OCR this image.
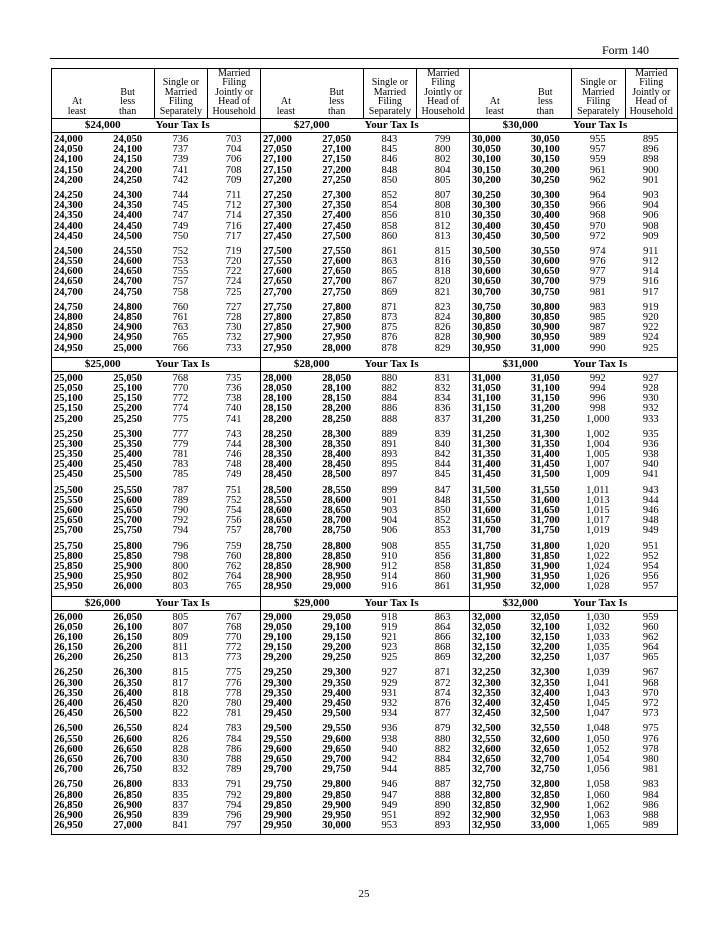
Form 140
At
least
But
less
than
Single or
Married
Filing
Separately
Married
Filing
Jointly or
Head of
Household
$24,000	Your Tax Is
24,000	24,050	736	703
24,050	24,100	737	704
24,100	24,150	739	706
24,150	24,200	741	708
24,200	24,250	742	709
24,250	24,300	744	711
24,300	24,350	745	712
24,350	24,400	747	714
24,400	24,450	749	716
24,450	24,500	750	717
24,500	24,550	752	719
24,550	24,600	753	720
24,600	24,650	755	722
24,650	24,700	757	724
24,700	24,750	758	725
24,750	24,800	760	727
24,800	24,850	761	728
24,850	24,900	763	730
24,900	24,950	765	732
24,950	25,000	766	733
$25,000	Your Tax Is
25,000	25,050	768	735
25,050	25,100	770	736
25,100	25,150	772	738
25,150	25,200	774	740
25,200	25,250	775	741
25,250	25,300	777	743
25,300	25,350	779	744
25,350	25,400	781	746
25,400	25,450	783	748
25,450	25,500	785	749
25,500	25,550	787	751
25,550	25,600	789	752
25,600	25,650	790	754
25,650	25,700	792	756
25,700	25,750	794	757
25,750	25,800	796	759
25,800	25,850	798	760
25,850	25,900	800	762
25,900	25,950	802	764
25,950	26,000	803	765
$26,000	Your Tax Is
26,000	26,050	805	767
26,050	26,100	807	768
26,100	26,150	809	770
26,150	26,200	811	772
26,200	26,250	813	773
26,250	26,300	815	775
26,300	26,350	817	776
26,350	26,400	818	778
26,400	26,450	820	780
26,450	26,500	822	781
26,500	26,550	824	783
26,550	26,600	826	784
26,600	26,650	828	786
26,650	26,700	830	788
26,700	26,750	832	789
26,750	26,800	833	791
26,800	26,850	835	792
26,850	26,900	837	794
26,900	26,950	839	796
26,950	27,000	841	797
At
least
But
less
than
Single or
Married
Filing
Separately
Married
Filing
Jointly or
Head of
Household
$27,000	Your Tax Is
27,000	27,050	843	799
27,050	27,100	845	800
27,100	27,150	846	802
27,150	27,200	848	804
27,200	27,250	850	805
27,250	27,300	852	807
27,300	27,350	854	808
27,350	27,400	856	810
27,400	27,450	858	812
27,450	27,500	860	813
27,500	27,550	861	815
27,550	27,600	863	816
27,600	27,650	865	818
27,650	27,700	867	820
27,700	27,750	869	821
27,750	27,800	871	823
27,800	27,850	873	824
27,850	27,900	875	826
27,900	27,950	876	828
27,950	28,000	878	829
$28,000	Your Tax Is
28,000	28,050	880	831
28,050	28,100	882	832
28,100	28,150	884	834
28,150	28,200	886	836
28,200	28,250	888	837
28,250	28,300	889	839
28,300	28,350	891	840
28,350	28,400	893	842
28,400	28,450	895	844
28,450	28,500	897	845
28,500	28,550	899	847
28,550	28,600	901	848
28,600	28,650	903	850
28,650	28,700	904	852
28,700	28,750	906	853
28,750	28,800	908	855
28,800	28,850	910	856
28,850	28,900	912	858
28,900	28,950	914	860
28,950	29,000	916	861
$29,000	Your Tax Is
29,000	29,050	918	863
29,050	29,100	919	864
29,100	29,150	921	866
29,150	29,200	923	868
29,200	29,250	925	869
29,250	29,300	927	871
29,300	29,350	929	872
29,350	29,400	931	874
29,400	29,450	932	876
29,450	29,500	934	877
29,500	29,550	936	879
29,550	29,600	938	880
29,600	29,650	940	882
29,650	29,700	942	884
29,700	29,750	944	885
29,750	29,800	946	887
29,800	29,850	947	888
29,850	29,900	949	890
29,900	29,950	951	892
29,950	30,000	953	893
At
least
But
less
than
Single or
Married
Filing
Separately
Married
Filing
Jointly or
Head of
Household
$30,000	Your Tax Is
30,000	30,050	955	895
30,050	30,100	957	896
30,100	30,150	959	898
30,150	30,200	961	900
30,200	30,250	962	901
30,250	30,300	964	903
30,300	30,350	966	904
30,350	30,400	968	906
30,400	30,450	970	908
30,450	30,500	972	909
30,500	30,550	974	911
30,550	30,600	976	912
30,600	30,650	977	914
30,650	30,700	979	916
30,700	30,750	981	917
30,750	30,800	983	919
30,800	30,850	985	920
30,850	30,900	987	922
30,900	30,950	989	924
30,950	31,000	990	925
$31,000	Your Tax Is
31,000	31,050	992	927
31,050	31,100	994	928
31,100	31,150	996	930
31,150	31,200	998	932
31,200	31,250	1,000	933
31,250	31,300	1,002	935
31,300	31,350	1,004	936
31,350	31,400	1,005	938
31,400	31,450	1,007	940
31,450	31,500	1,009	941
31,500	31,550	1,011	943
31,550	31,600	1,013	944
31,600	31,650	1,015	946
31,650	31,700	1,017	948
31,700	31,750	1,019	949
31,750	31,800	1,020	951
31,800	31,850	1,022	952
31,850	31,900	1,024	954
31,900	31,950	1,026	956
31,950	32,000	1,028	957
$32,000	Your Tax Is
32,000	32,050	1,030	959
32,050	32,100	1,032	960
32,100	32,150	1,033	962
32,150	32,200	1,035	964
32,200	32,250	1,037	965
32,250	32,300	1,039	967
32,300	32,350	1,041	968
32,350	32,400	1,043	970
32,400	32,450	1,045	972
32,450	32,500	1,047	973
32,500	32,550	1,048	975
32,550	32,600	1,050	976
32,600	32,650	1,052	978
32,650	32,700	1,054	980
32,700	32,750	1,056	981
32,750	32,800	1,058	983
32,800	32,850	1,060	984
32,850	32,900	1,062	986
32,900	32,950	1,063	988
32,950	33,000	1,065	989
25
